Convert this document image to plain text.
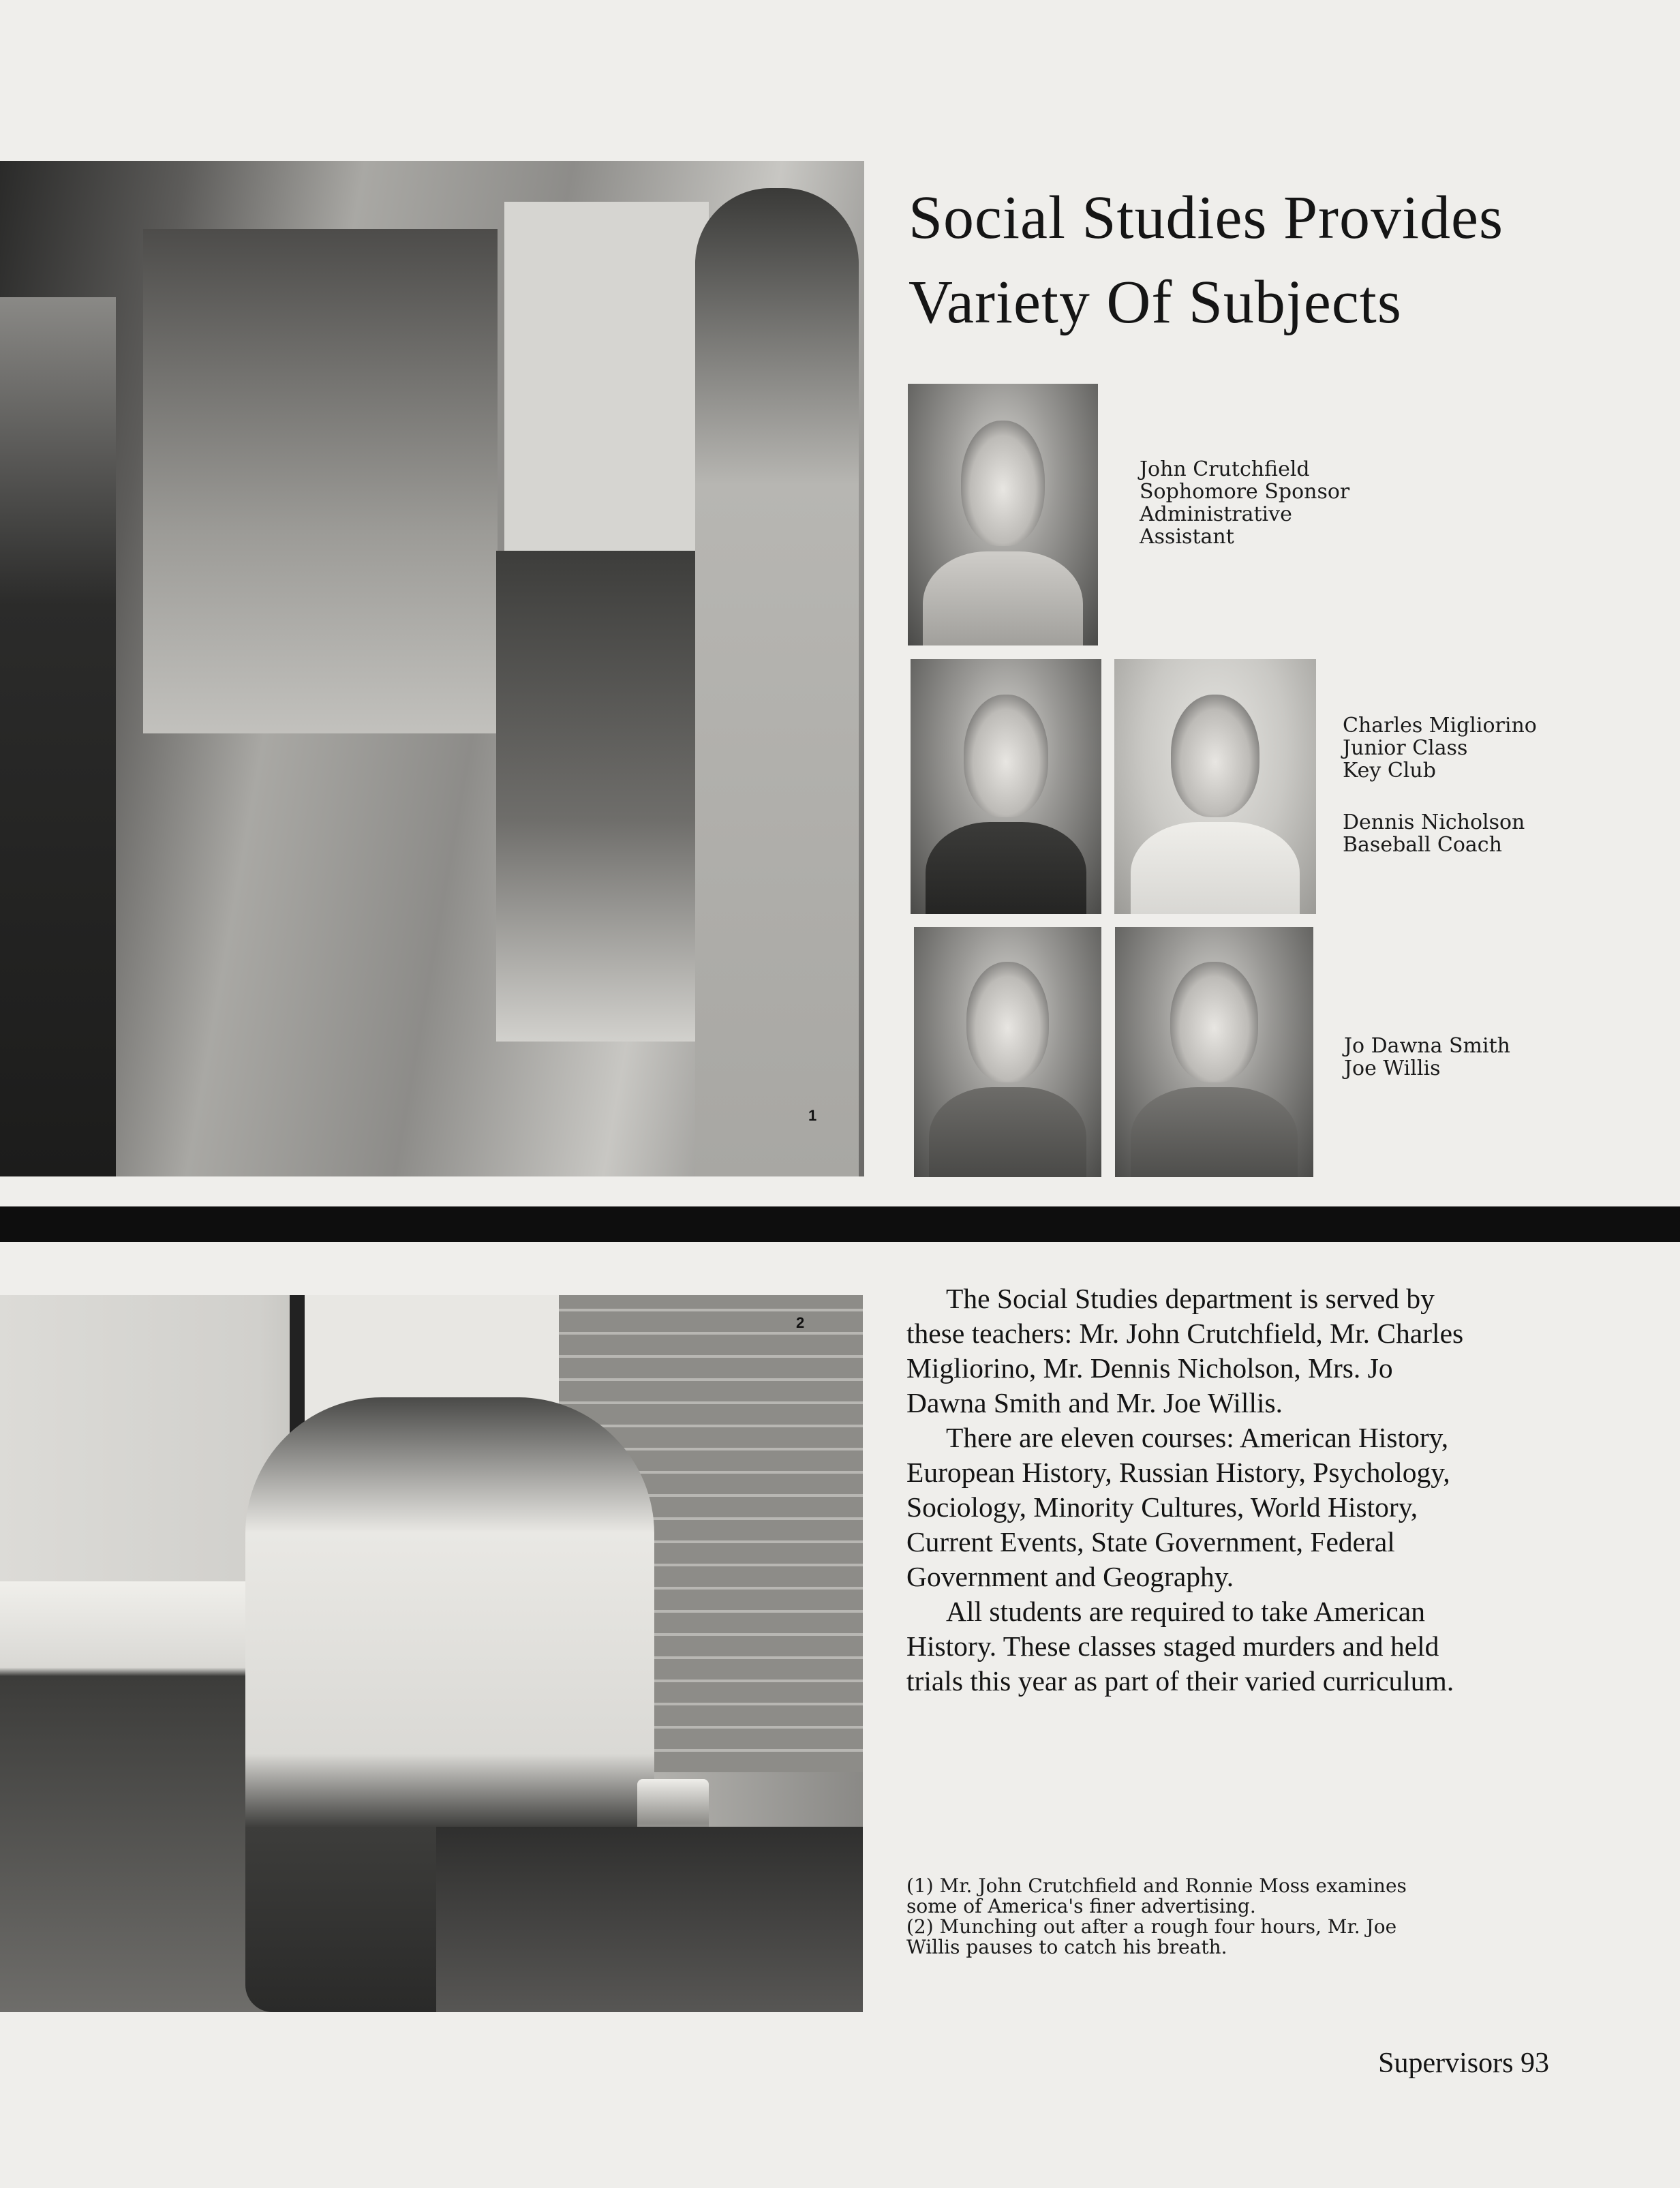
1
Social Studies Provides
Variety Of Subjects
John Crutchfield
Sophomore Sponsor
Administrative
Assistant
Charles Migliorino
Junior Class
Key Club
Dennis Nicholson
Baseball Coach
Jo Dawna Smith
Joe Willis
2

The Social Studies department is served by these teachers: Mr. John Crutchfield, Mr. Charles Migliorino, Mr. Dennis Nicholson, Mrs. Jo Dawna Smith and Mr. Joe Willis.

There are eleven courses: American History, European History, Russian History, Psychology, Sociology, Minority Cultures, World History, Current Events, State Government, Federal Government and Geography.

All students are required to take American History. These classes staged murders and held trials this year as part of their varied curriculum.

(1) Mr. John Crutchfield and Ronnie Moss examines some of America's finer advertising.

(2) Munching out after a rough four hours, Mr. Joe Willis pauses to catch his breath.

Supervisors 93
